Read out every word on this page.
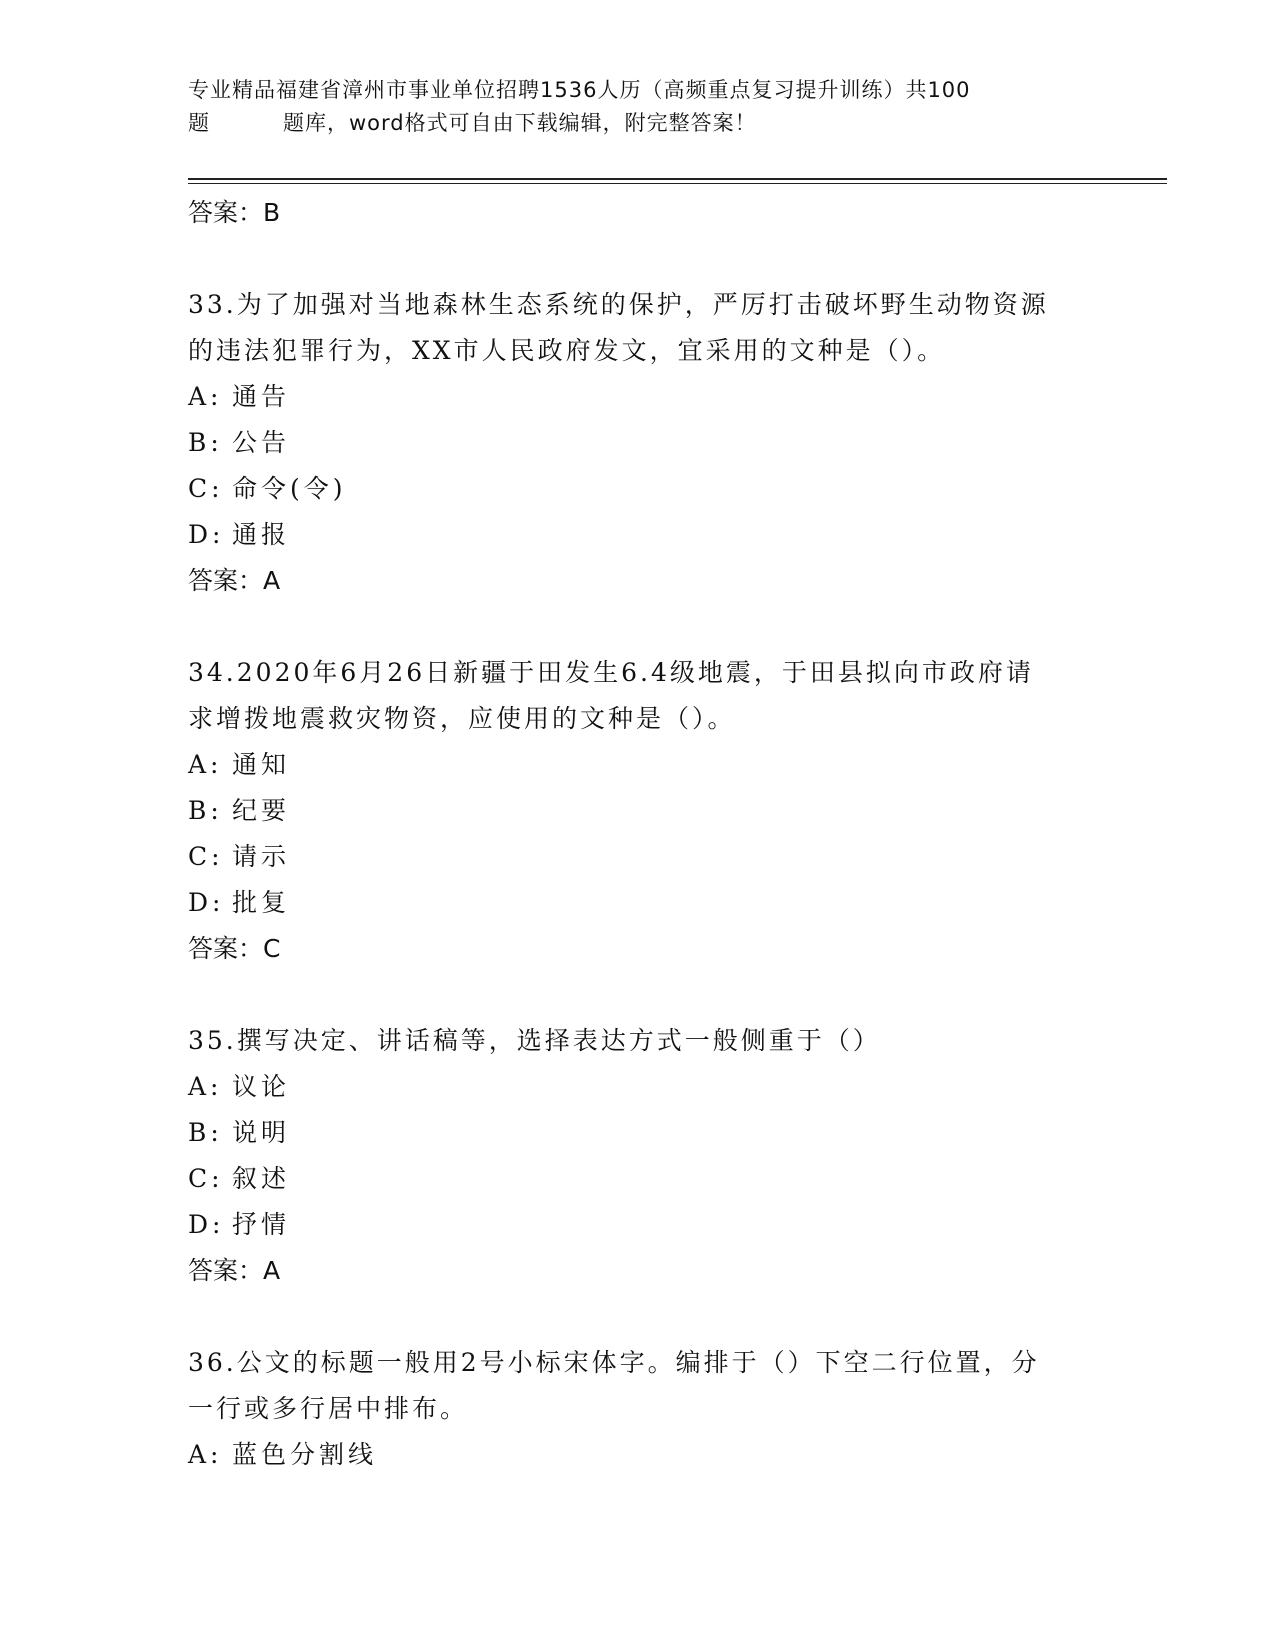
专业精品福建省漳州市事业单位招聘1536人历（高频重点复习提升训练）共100
题	题库，word格式可自由下载编辑，附完整答案！
答案：B
33.为了加强对当地森林生态系统的保护，严厉打击破坏野生动物资源
的违法犯罪行为，XX市人民政府发文，宜采用的文种是（）。
A: 通告
B: 公告
C: 命令(令)
D: 通报
答案：A
34.2020年6月26日新疆于田发生6.4级地震，于田县拟向市政府请
求增拨地震救灾物资，应使用的文种是（）。
A: 通知
B: 纪要
C: 请示
D: 批复
答案：C
35.撰写决定、讲话稿等，选择表达方式一般侧重于（）
A: 议论
B: 说明
C: 叙述
D: 抒情
答案：A
36.公文的标题一般用2号小标宋体字。编排于（）下空二行位置，分
一行或多行居中排布。
A: 蓝色分割线
